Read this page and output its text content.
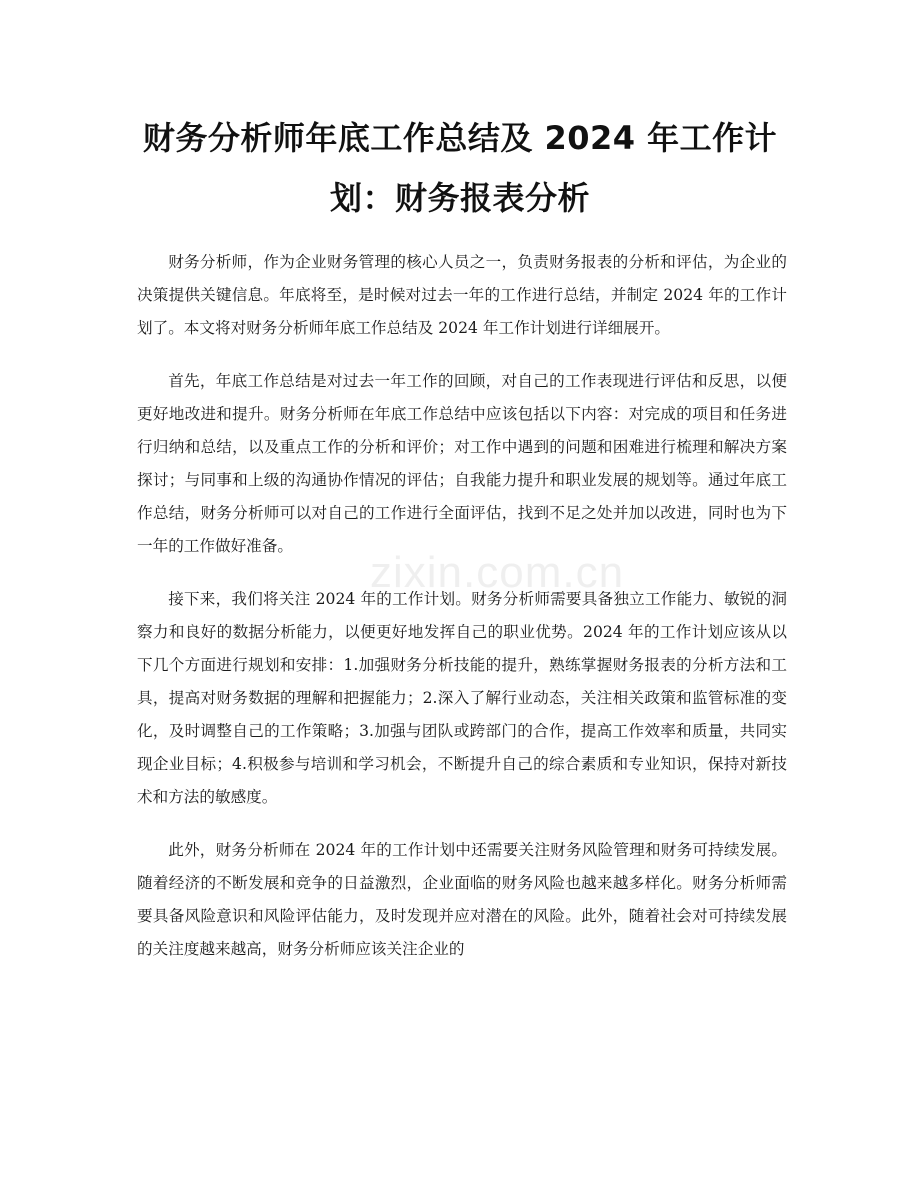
zixin.com.cn
财务分析师年底工作总结及 2024 年工作计划：财务报表分析

财务分析师，作为企业财务管理的核心人员之一，负责财务报表的分析和评估，为企业的决策提供关键信息。年底将至，是时候对过去一年的工作进行总结，并制定 2024 年的工作计划了。本文将对财务分析师年底工作总结及 2024 年工作计划进行详细展开。

首先，年底工作总结是对过去一年工作的回顾，对自己的工作表现进行评估和反思，以便更好地改进和提升。财务分析师在年底工作总结中应该包括以下内容：对完成的项目和任务进行归纳和总结，以及重点工作的分析和评价；对工作中遇到的问题和困难进行梳理和解决方案探讨；与同事和上级的沟通协作情况的评估；自我能力提升和职业发展的规划等。通过年底工作总结，财务分析师可以对自己的工作进行全面评估，找到不足之处并加以改进，同时也为下一年的工作做好准备。

接下来，我们将关注 2024 年的工作计划。财务分析师需要具备独立工作能力、敏锐的洞察力和良好的数据分析能力，以便更好地发挥自己的职业优势。2024 年的工作计划应该从以下几个方面进行规划和安排：1.加强财务分析技能的提升，熟练掌握财务报表的分析方法和工具，提高对财务数据的理解和把握能力；2.深入了解行业动态，关注相关政策和监管标准的变化，及时调整自己的工作策略；3.加强与团队或跨部门的合作，提高工作效率和质量，共同实现企业目标；4.积极参与培训和学习机会，不断提升自己的综合素质和专业知识，保持对新技术和方法的敏感度。

此外，财务分析师在 2024 年的工作计划中还需要关注财务风险管理和财务可持续发展。随着经济的不断发展和竞争的日益激烈，企业面临的财务风险也越来越多样化。财务分析师需要具备风险意识和风险评估能力，及时发现并应对潜在的风险。此外，随着社会对可持续发展的关注度越来越高，财务分析师应该关注企业的
